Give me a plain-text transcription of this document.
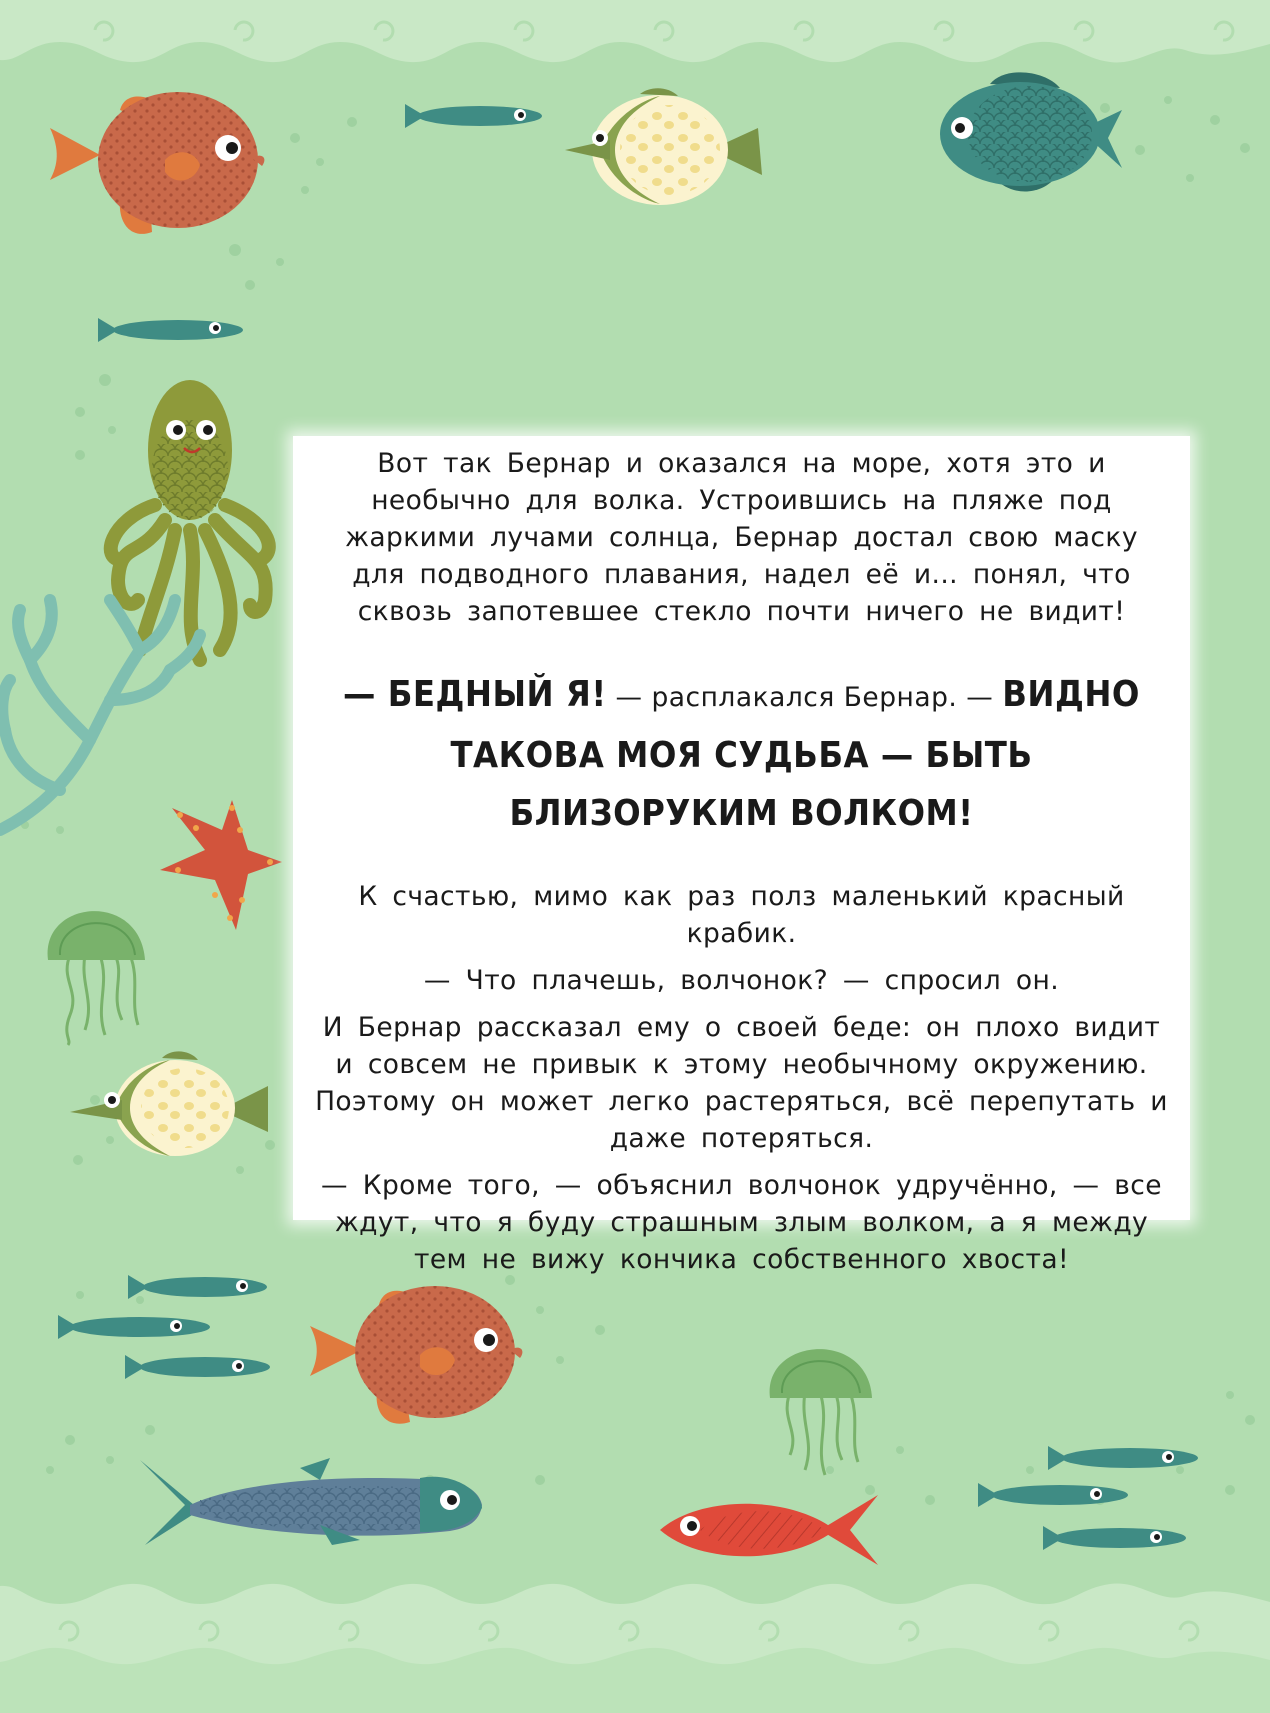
Вот так Бернар и оказался на море, хотя это и необычно для волка. Устроившись на пляже под жаркими лучами солнца, Бернар достал свою маску для подводного плавания, надел её и... понял, что сквозь запотевшее стекло почти ничего не видит!

— БЕДНЫЙ Я! — расплакался Бернар. — ВИДНО ТАКОВА МОЯ СУДЬБА — БЫТЬ БЛИЗОРУКИМ ВОЛКОМ!

К счастью, мимо как раз полз маленький красный крабик.

— Что плачешь, волчонок? — спросил он.

И Бернар рассказал ему о своей беде: он плохо видит и совсем не привык к этому необычному окружению. Поэтому он может легко растеряться, всё перепутать и даже потеряться.

— Кроме того, — объяснил волчонок удручённо, — все ждут, что я буду страшным злым волком, а я между тем не вижу кончика собственного хвоста!
